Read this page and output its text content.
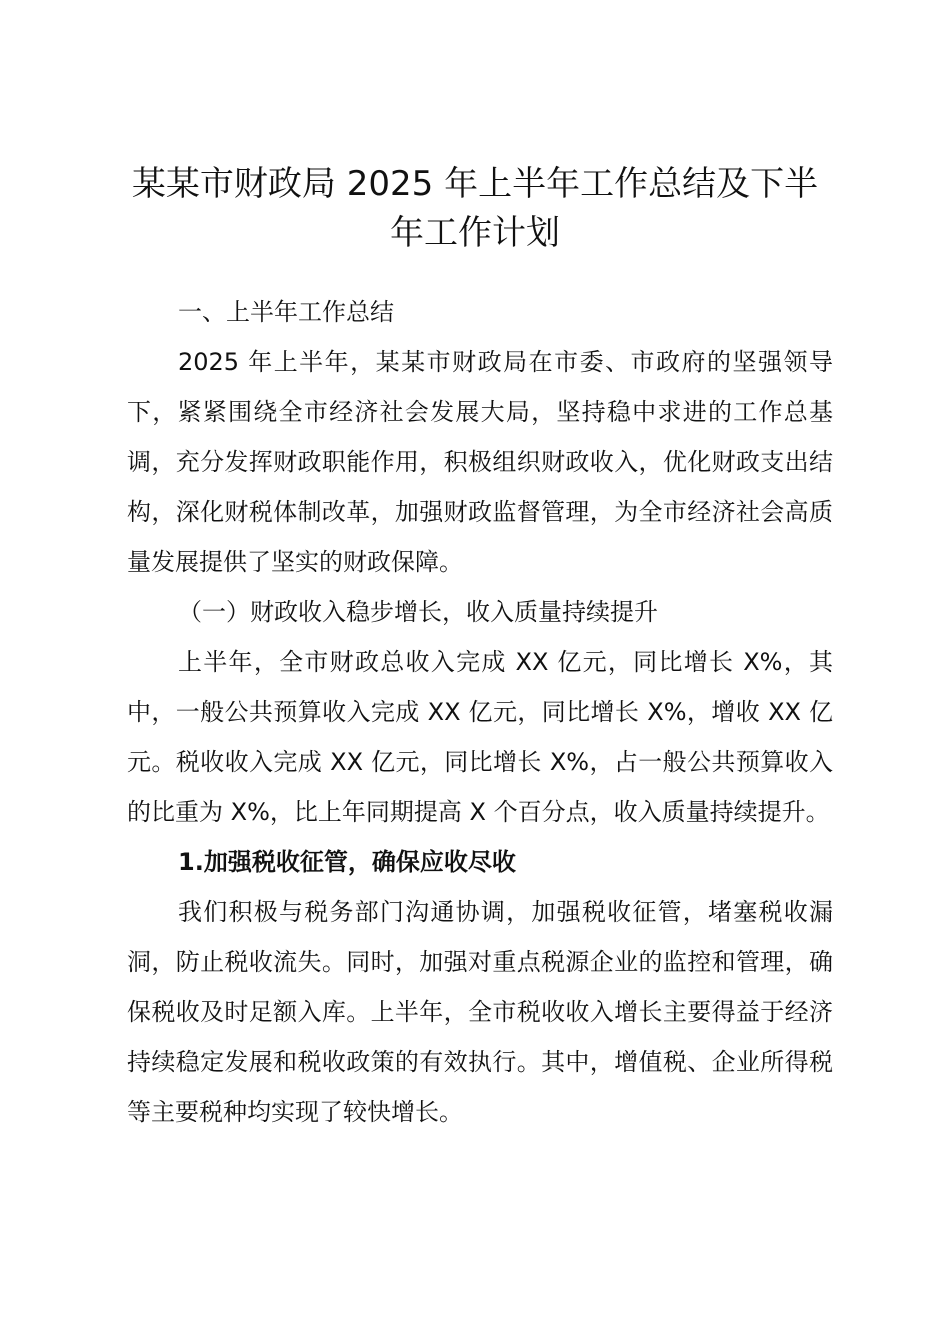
某某市财政局 2025 年上半年工作总结及下半
年工作计划

一、上半年工作总结

2025 年上半年，某某市财政局在市委、市政府的坚强领导下，紧紧围绕全市经济社会发展大局，坚持稳中求进的工作总基调，充分发挥财政职能作用，积极组织财政收入，优化财政支出结构，深化财税体制改革，加强财政监督管理，为全市经济社会高质量发展提供了坚实的财政保障。

（一）财政收入稳步增长，收入质量持续提升

上半年，全市财政总收入完成 XX 亿元，同比增长 X%，其中，一般公共预算收入完成 XX 亿元，同比增长 X%，增收 XX 亿元。税收收入完成 XX 亿元，同比增长 X%，占一般公共预算收入的比重为 X%，比上年同期提高 X 个百分点，收入质量持续提升。

1.加强税收征管，确保应收尽收

我们积极与税务部门沟通协调，加强税收征管，堵塞税收漏洞，防止税收流失。同时，加强对重点税源企业的监控和管理，确保税收及时足额入库。上半年，全市税收收入增长主要得益于经济持续稳定发展和税收政策的有效执行。其中，增值税、企业所得税等主要税种均实现了较快增长。
